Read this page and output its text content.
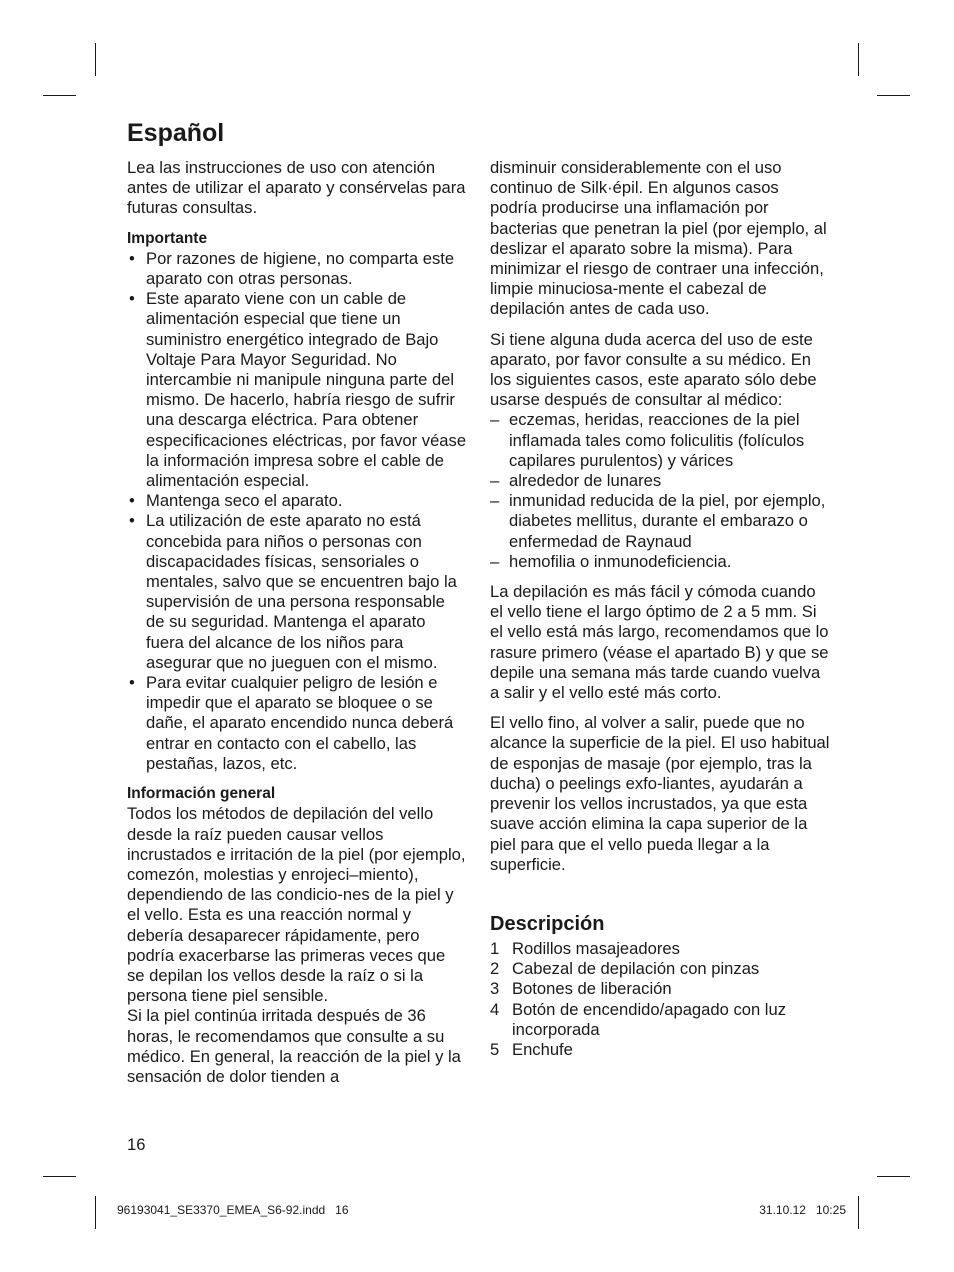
Español

Lea las instrucciones de uso con atención antes de utilizar el aparato y consérvelas para futuras consultas.

Importante

• Por razones de higiene, no comparta este aparato con otras personas.
• Este aparato viene con un cable de alimentación especial que tiene un suministro energético integrado de Bajo Voltaje Para Mayor Seguridad. No intercambie ni manipule ninguna parte del mismo. De hacerlo, habría riesgo de sufrir una descarga eléctrica. Para obtener especificaciones eléctricas, por favor véase la información impresa sobre el cable de alimentación especial.
• Mantenga seco el aparato.
• La utilización de este aparato no está concebida para niños o personas con discapacidades físicas, sensoriales o mentales, salvo que se encuentren bajo la supervisión de una persona responsable de su seguridad. Mantenga el aparato fuera del alcance de los niños para asegurar que no jueguen con el mismo.
• Para evitar cualquier peligro de lesión e impedir que el aparato se bloquee o se dañe, el aparato encendido nunca deberá entrar en contacto con el cabello, las pestañas, lazos, etc.

Información general

Todos los métodos de depilación del vello desde la raíz pueden causar vellos incrustados e irritación de la piel (por ejemplo, comezón, molestias y enrojeci–miento), dependiendo de las condicio-nes de la piel y el vello. Esta es una reacción normal y debería desaparecer rápidamente, pero podría exacerbarse las primeras veces que se depilan los vellos desde la raíz o si la persona tiene piel sensible.

Si la piel continúa irritada después de 36 horas, le recomendamos que consulte a su médico. En general, la reacción de la piel y la sensación de dolor tienden a

disminuir considerablemente con el uso continuo de Silk·épil. En algunos casos podría producirse una inflamación por bacterias que penetran la piel (por ejemplo, al deslizar el aparato sobre la misma). Para minimizar el riesgo de contraer una infección, limpie minuciosa-mente el cabezal de depilación antes de cada uso.

Si tiene alguna duda acerca del uso de este aparato, por favor consulte a su médico. En los siguientes casos, este aparato sólo debe usarse después de consultar al médico:

– eczemas, heridas, reacciones de la piel inflamada tales como foliculitis (folículos capilares purulentos) y várices
– alrededor de lunares
– inmunidad reducida de la piel, por ejemplo, diabetes mellitus, durante el embarazo o enfermedad de Raynaud
– hemofilia o inmunodeficiencia.

La depilación es más fácil y cómoda cuando el vello tiene el largo óptimo de 2 a 5 mm. Si el vello está más largo, recomendamos que lo rasure primero (véase el apartado B) y que se depile una semana más tarde cuando vuelva a salir y el vello esté más corto.

El vello fino, al volver a salir, puede que no alcance la superficie de la piel. El uso habitual de esponjas de masaje (por ejemplo, tras la ducha) o peelings exfo-liantes, ayudarán a prevenir los vellos incrustados, ya que esta suave acción elimina la capa superior de la piel para que el vello pueda llegar a la superficie.

Descripción
1 Rodillos masajeadores
2 Cabezal de depilación con pinzas
3 Botones de liberación
4 Botón de encendido/apagado con luz incorporada
5 Enchufe
16
96193041_SE3370_EMEA_S6-92.indd   16	31.10.12   10:25
